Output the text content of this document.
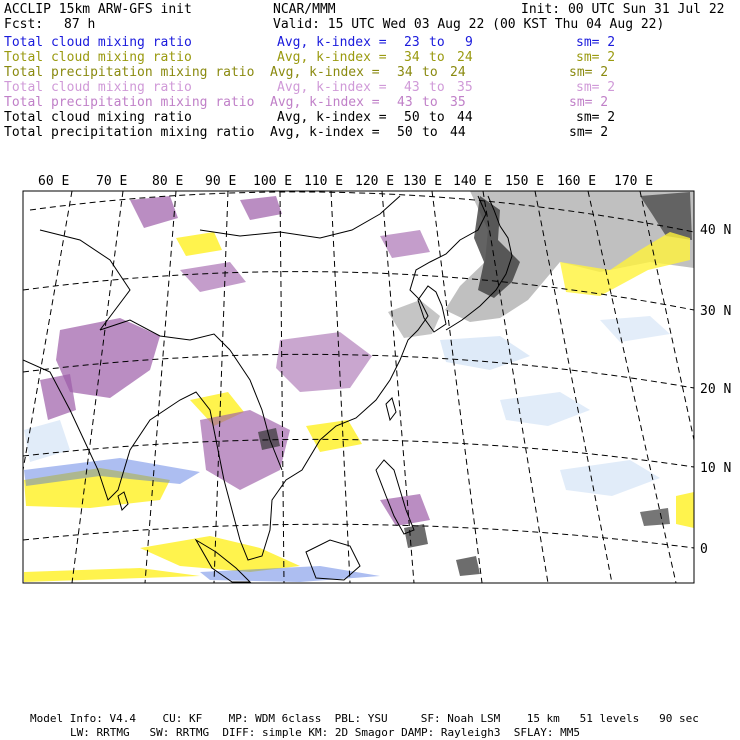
ACCLIP 15km ARW-GFS init	NCAR/MMM	Init: 00 UTC Sun 31 Jul 22
Fcst: 87 h	Valid: 15 UTC Wed 03 Aug 22 (00 KST Thu 04 Aug 22)
Total cloud mixing ratio	Avg, k-index = 23 to 9	sm= 2
Total cloud mixing ratio	Avg, k-index = 34 to 24	sm= 2
Total precipitation mixing ratio Avg, k-index = 34 to 24	sm= 2
Total cloud mixing ratio	Avg, k-index = 43 to 35	sm= 2
Total precipitation mixing ratio Avg, k-index = 43 to 35	sm= 2
Total cloud mixing ratio	Avg, k-index = 50 to 44	sm= 2
Total precipitation mixing ratio Avg, k-index = 50 to 44	sm= 2
60 E 70 E 80 E 90 E 100 E 110 E 120 E 130 E 140 E 150 E 160 E 170 E
40 N
30 N
20 N
10 N
0
Model Info: V4.4    CU: KF    MP: WDM 6class  PBL: YSU     SF: Noah LSM    15 km   51 levels   90 sec
LW: RRTMG   SW: RRTMG  DIFF: simple KM: 2D Smagor DAMP: Rayleigh3  SFLAY: MM5
